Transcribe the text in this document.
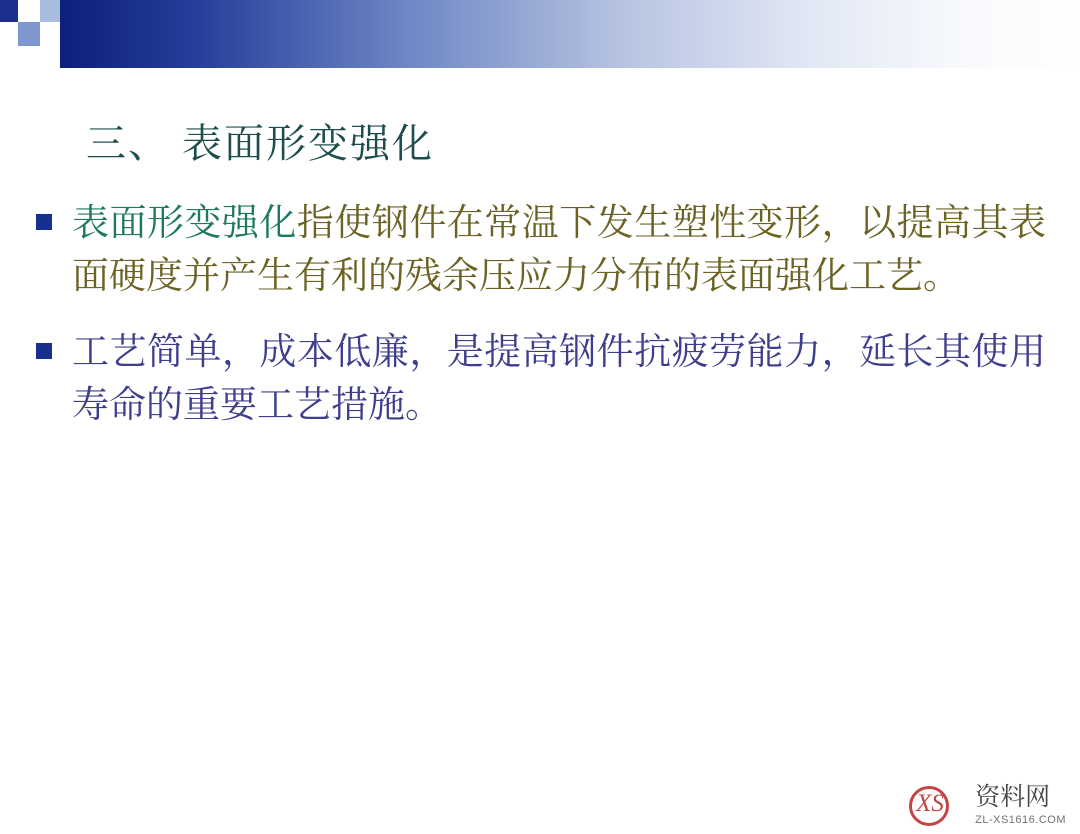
三、 表面形变强化
表面形变强化指使钢件在常温下发生塑性变形，以提高其表面硬度并产生有利的残余压应力分布的表面强化工艺。
工艺简单，成本低廉，是提高钢件抗疲劳能力，延长其使用寿命的重要工艺措施。
XS 资料网
ZL-XS1616.COM
